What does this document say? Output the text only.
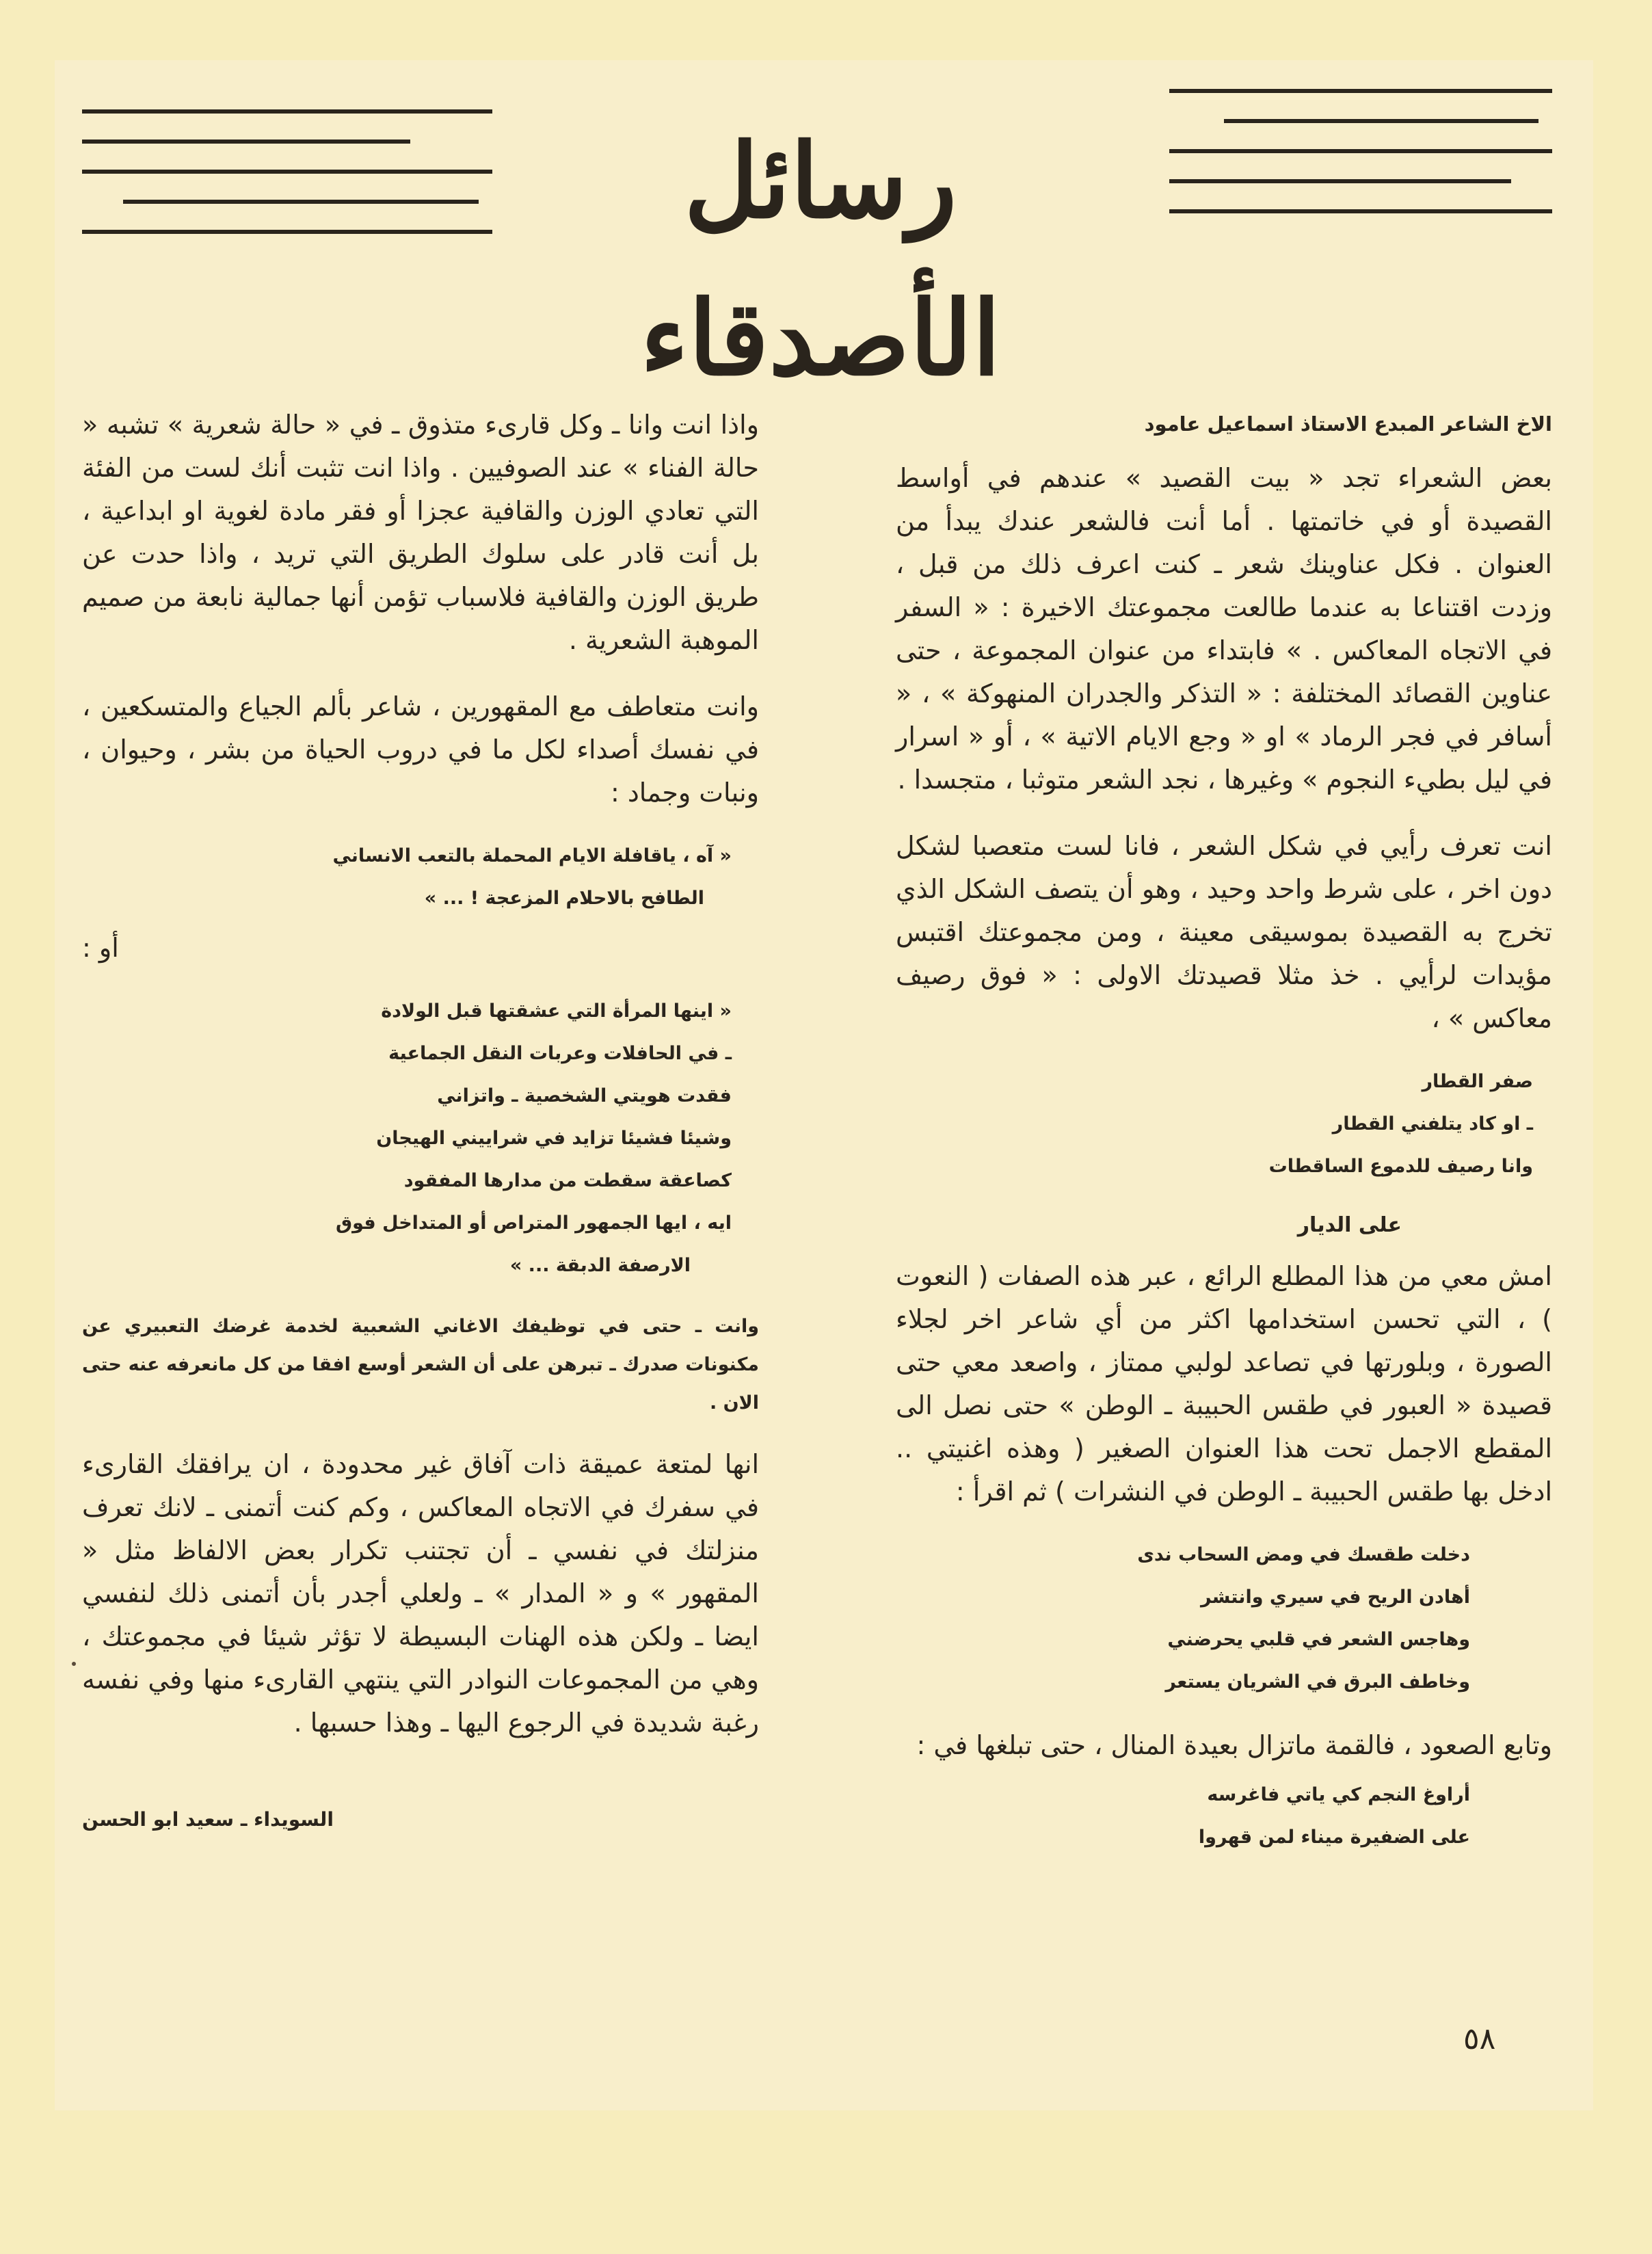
رسائل الأصدقاء

الاخ الشاعر المبدع الاستاذ اسماعيل عامود

بعض الشعراء تجد « بيت القصيد » عندهم في أواسط القصيدة أو في خاتمتها . أما أنت فالشعر عندك يبدأ من العنوان . فكل عناوينك شعر ـ كنت اعرف ذلك من قبل ، وزدت اقتناعا به عندما طالعت مجموعتك الاخيرة : « السفر في الاتجاه المعاكس . » فابتداء من عنوان المجموعة ، حتى عناوين القصائد المختلفة : « التذكر والجدران المنهوكة » ، « أسافر في فجر الرماد » او « وجع الايام الاتية » ، أو « اسرار في ليل بطيء النجوم » وغيرها ، نجد الشعر متوثبا ، متجسدا .

انت تعرف رأيي في شكل الشعر ، فانا لست متعصبا لشكل دون اخر ، على شرط واحد وحيد ، وهو أن يتصف الشكل الذي تخرج به القصيدة بموسيقى معينة ، ومن مجموعتك اقتبس مؤيدات لرأيي . خذ مثلا قصيدتك الاولى : « فوق رصيف معاكس » ،

صفر القطار

ـ او كاد يتلفني القطار

وانا رصيف للدموع الساقطات

على الديار

امش معي من هذا المطلع الرائع ، عبر هذه الصفات ( النعوت ) ، التي تحسن استخدامها اكثر من أي شاعر اخر لجلاء الصورة ، وبلورتها في تصاعد لولبي ممتاز ، واصعد معي حتى قصيدة « العبور في طقس الحبيبة ـ الوطن » حتى نصل الى المقطع الاجمل تحت هذا العنوان الصغير ( وهذه اغنيتي .. ادخل بها طقس الحبيبة ـ الوطن في النشرات ) ثم اقرأ :

دخلت طقسك في ومض السحاب ندى

أهادن الريح في سيري وانتشر

وهاجس الشعر في قلبي يحرضني

وخاطف البرق في الشريان يستعر

وتابع الصعود ، فالقمة ماتزال بعيدة المنال ، حتى تبلغها في :

أراوغ النجم كي ياتي فاغرسه

على الضفيرة ميناء لمن قهروا

واذا انت وانا ـ وكل قارىء متذوق ـ في « حالة شعرية » تشبه « حالة الفناء » عند الصوفيين . واذا انت تثبت أنك لست من الفئة التي تعادي الوزن والقافية عجزا أو فقر مادة لغوية او ابداعية ، بل أنت قادر على سلوك الطريق التي تريد ، واذا حدت عن طريق الوزن والقافية فلاسباب تؤمن أنها جمالية نابعة من صميم الموهبة الشعرية .

وانت متعاطف مع المقهورين ، شاعر بألم الجياع والمتسكعين ، في نفسك أصداء لكل ما في دروب الحياة من بشر ، وحيوان ، ونبات وجماد :

« آه ، ياقافلة الايام المحملة بالتعب الانساني

الطافح بالاحلام المزعجة ! ... »

أو :

« اينها المرأة التي عشقتها قبل الولادة

ـ في الحافلات وعربات النقل الجماعية

فقدت هويتي الشخصية ـ واتزاني

وشيئا فشيئا تزايد في شراييني الهيجان

كصاعقة سقطت من مدارها المفقود

ايه ، ايها الجمهور المتراص أو المتداخل فوق

الارصفة الدبقة ... »

وانت ـ حتى في توظيفك الاغاني الشعبية لخدمة غرضك التعبيري عن مكنونات صدرك ـ تبرهن على أن الشعر أوسع افقا من كل مانعرفه عنه حتى الان .

انها لمتعة عميقة ذات آفاق غير محدودة ، ان يرافقك القارىء في سفرك في الاتجاه المعاكس ، وكم كنت أتمنى ـ لانك تعرف منزلتك في نفسي ـ أن تجتنب تكرار بعض الالفاظ مثل « المقهور » و « المدار » ـ ولعلي أجدر بأن أتمنى ذلك لنفسي ايضا ـ ولكن هذه الهنات البسيطة لا تؤثر شيئا في مجموعتك ، وهي من المجموعات النوادر التي ينتهي القارىء منها وفي نفسه رغبة شديدة في الرجوع اليها ـ وهذا حسبها .

السويداء ـ سعيد ابو الحسن

٥٨
